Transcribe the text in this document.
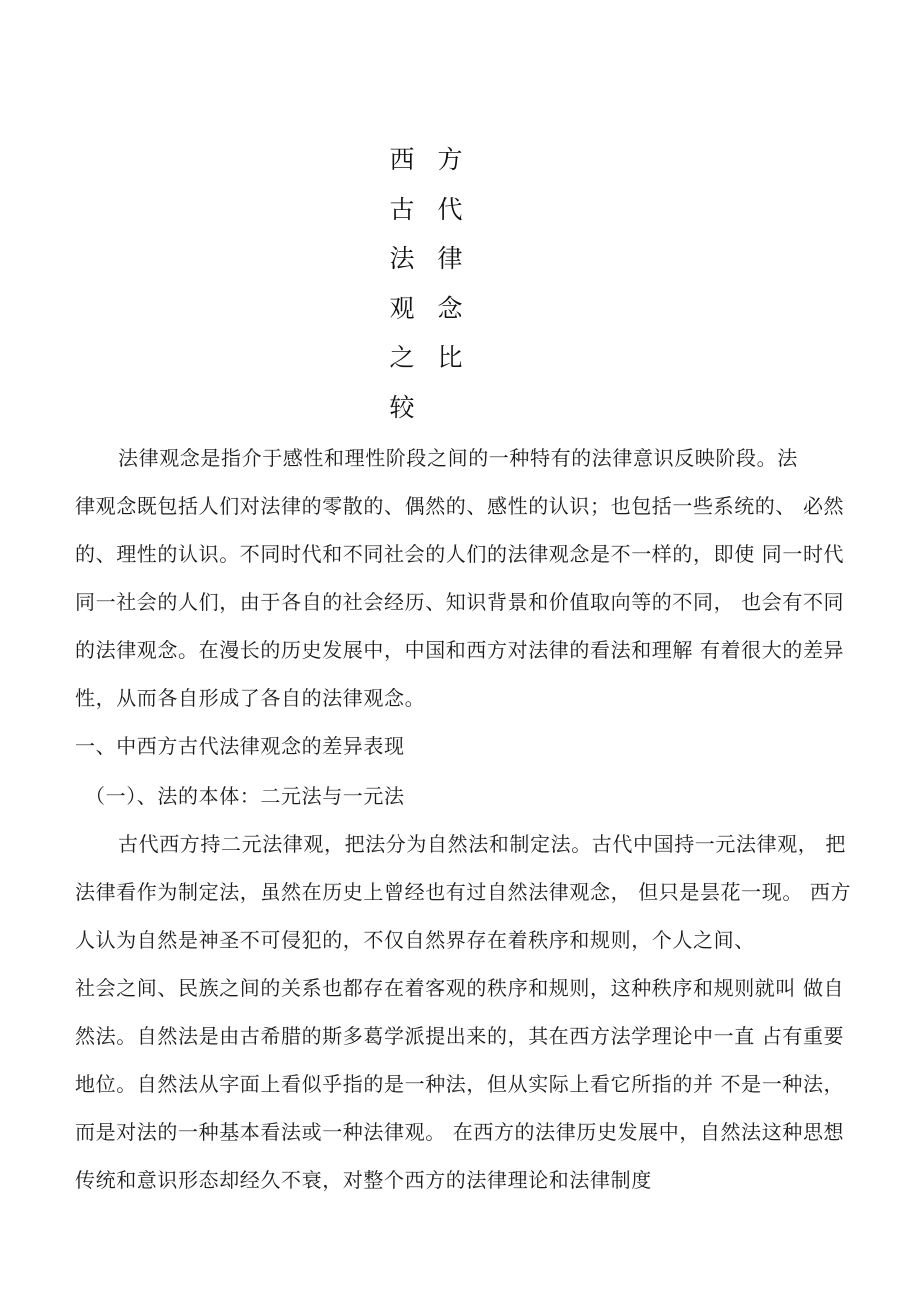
西 方
古 代
法 律
观 念
之 比
较
法律观念是指介于感性和理性阶段之间的一种特有的法律意识反映阶段。法
律观念既包括人们对法律的零散的、偶然的、感性的认识；也包括一些系统的、 必然
的、理性的认识。不同时代和不同社会的人们的法律观念是不一样的，即使 同一时代
同一社会的人们，由于各自的社会经历、知识背景和价值取向等的不同， 也会有不同
的法律观念。在漫长的历史发展中，中国和西方对法律的看法和理解 有着很大的差异
性，从而各自形成了各自的法律观念。
一、中西方古代法律观念的差异表现
（一）、法的本体：二元法与一元法
古代西方持二元法律观，把法分为自然法和制定法。古代中国持一元法律观， 把
法律看作为制定法，虽然在历史上曾经也有过自然法律观念， 但只是昙花一现。 西方
人认为自然是神圣不可侵犯的，不仅自然界存在着秩序和规则，个人之间、
社会之间、民族之间的关系也都存在着客观的秩序和规则，这种秩序和规则就叫 做自
然法。自然法是由古希腊的斯多葛学派提出来的，其在西方法学理论中一直 占有重要
地位。自然法从字面上看似乎指的是一种法，但从实际上看它所指的并 不是一种法，
而是对法的一种基本看法或一种法律观。 在西方的法律历史发展中，自然法这种思想
传统和意识形态却经久不衰，对整个西方的法律理论和法律制度
